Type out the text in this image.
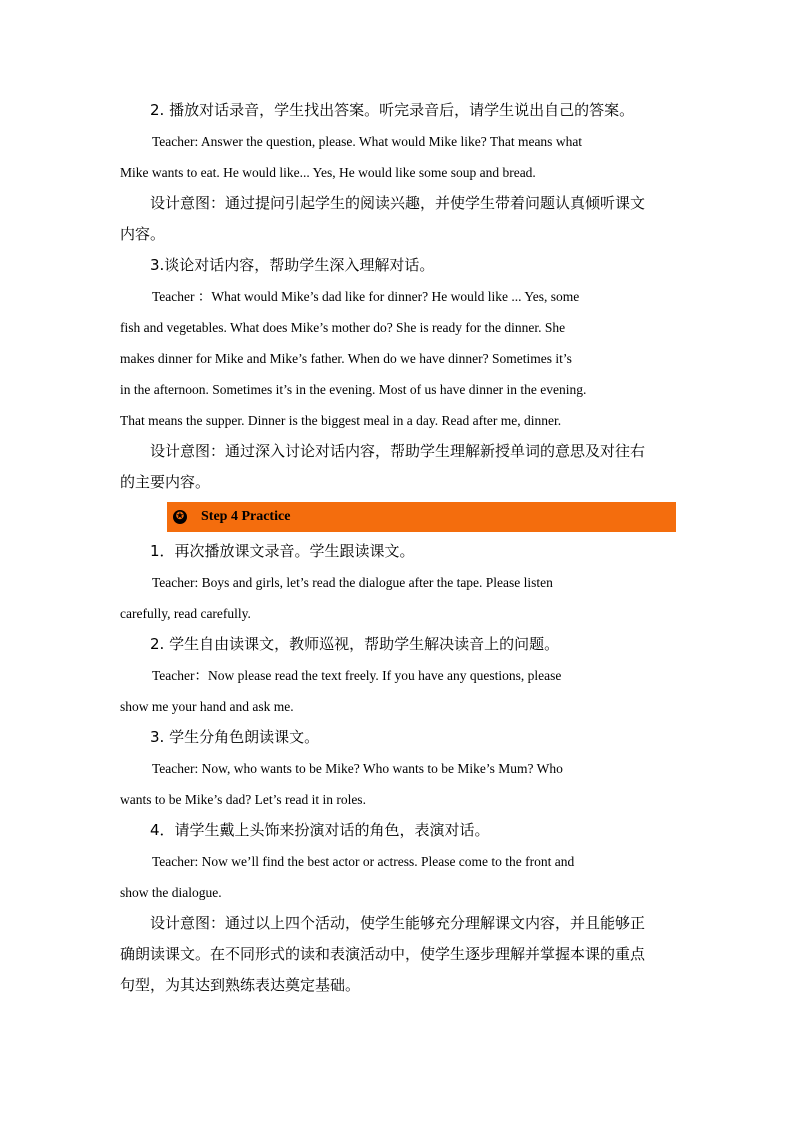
2. 播放对话录音，学生找出答案。听完录音后，请学生说出自己的答案。

Teacher: Answer the question, please. What would Mike like? That means what
Mike wants to eat. He would like... Yes, He would like some soup and bread.

设计意图：通过提问引起学生的阅读兴趣，并使学生带着问题认真倾听课文

内容。

3.谈论对话内容，帮助学生深入理解对话。

Teacher ：What would Mike’s dad like for dinner? He would like ... Yes, some
fish and vegetables. What does Mike’s mother do? She is ready for the dinner. She
makes dinner for Mike and Mike’s father. When do we have dinner? Sometimes it’s
in the afternoon. Sometimes it’s in the evening. Most of us have dinner in the evening.
That means the supper. Dinner is the biggest meal in a day. Read after me, dinner.

设计意图：通过深入讨论对话内容，帮助学生理解新授单词的意思及对往右

的主要内容。

✪ Step 4 Practice

1．再次播放课文录音。学生跟读课文。

Teacher: Boys and girls, let’s read the dialogue after the tape. Please listen
carefully, read carefully.

2. 学生自由读课文，教师巡视，帮助学生解决读音上的问题。

Teacher：Now please read the text freely. If you have any questions, please
show me your hand and ask me.

3. 学生分角色朗读课文。

Teacher: Now, who wants to be Mike? Who wants to be Mike’s Mum? Who
wants to be Mike’s dad? Let’s read it in roles.

4．请学生戴上头饰来扮演对话的角色，表演对话。

Teacher: Now we’ll find the best actor or actress. Please come to the front and
show the dialogue.

设计意图：通过以上四个活动，使学生能够充分理解课文内容，并且能够正

确朗读课文。在不同形式的读和表演活动中，使学生逐步理解并掌握本课的重点

句型，为其达到熟练表达奠定基础。
